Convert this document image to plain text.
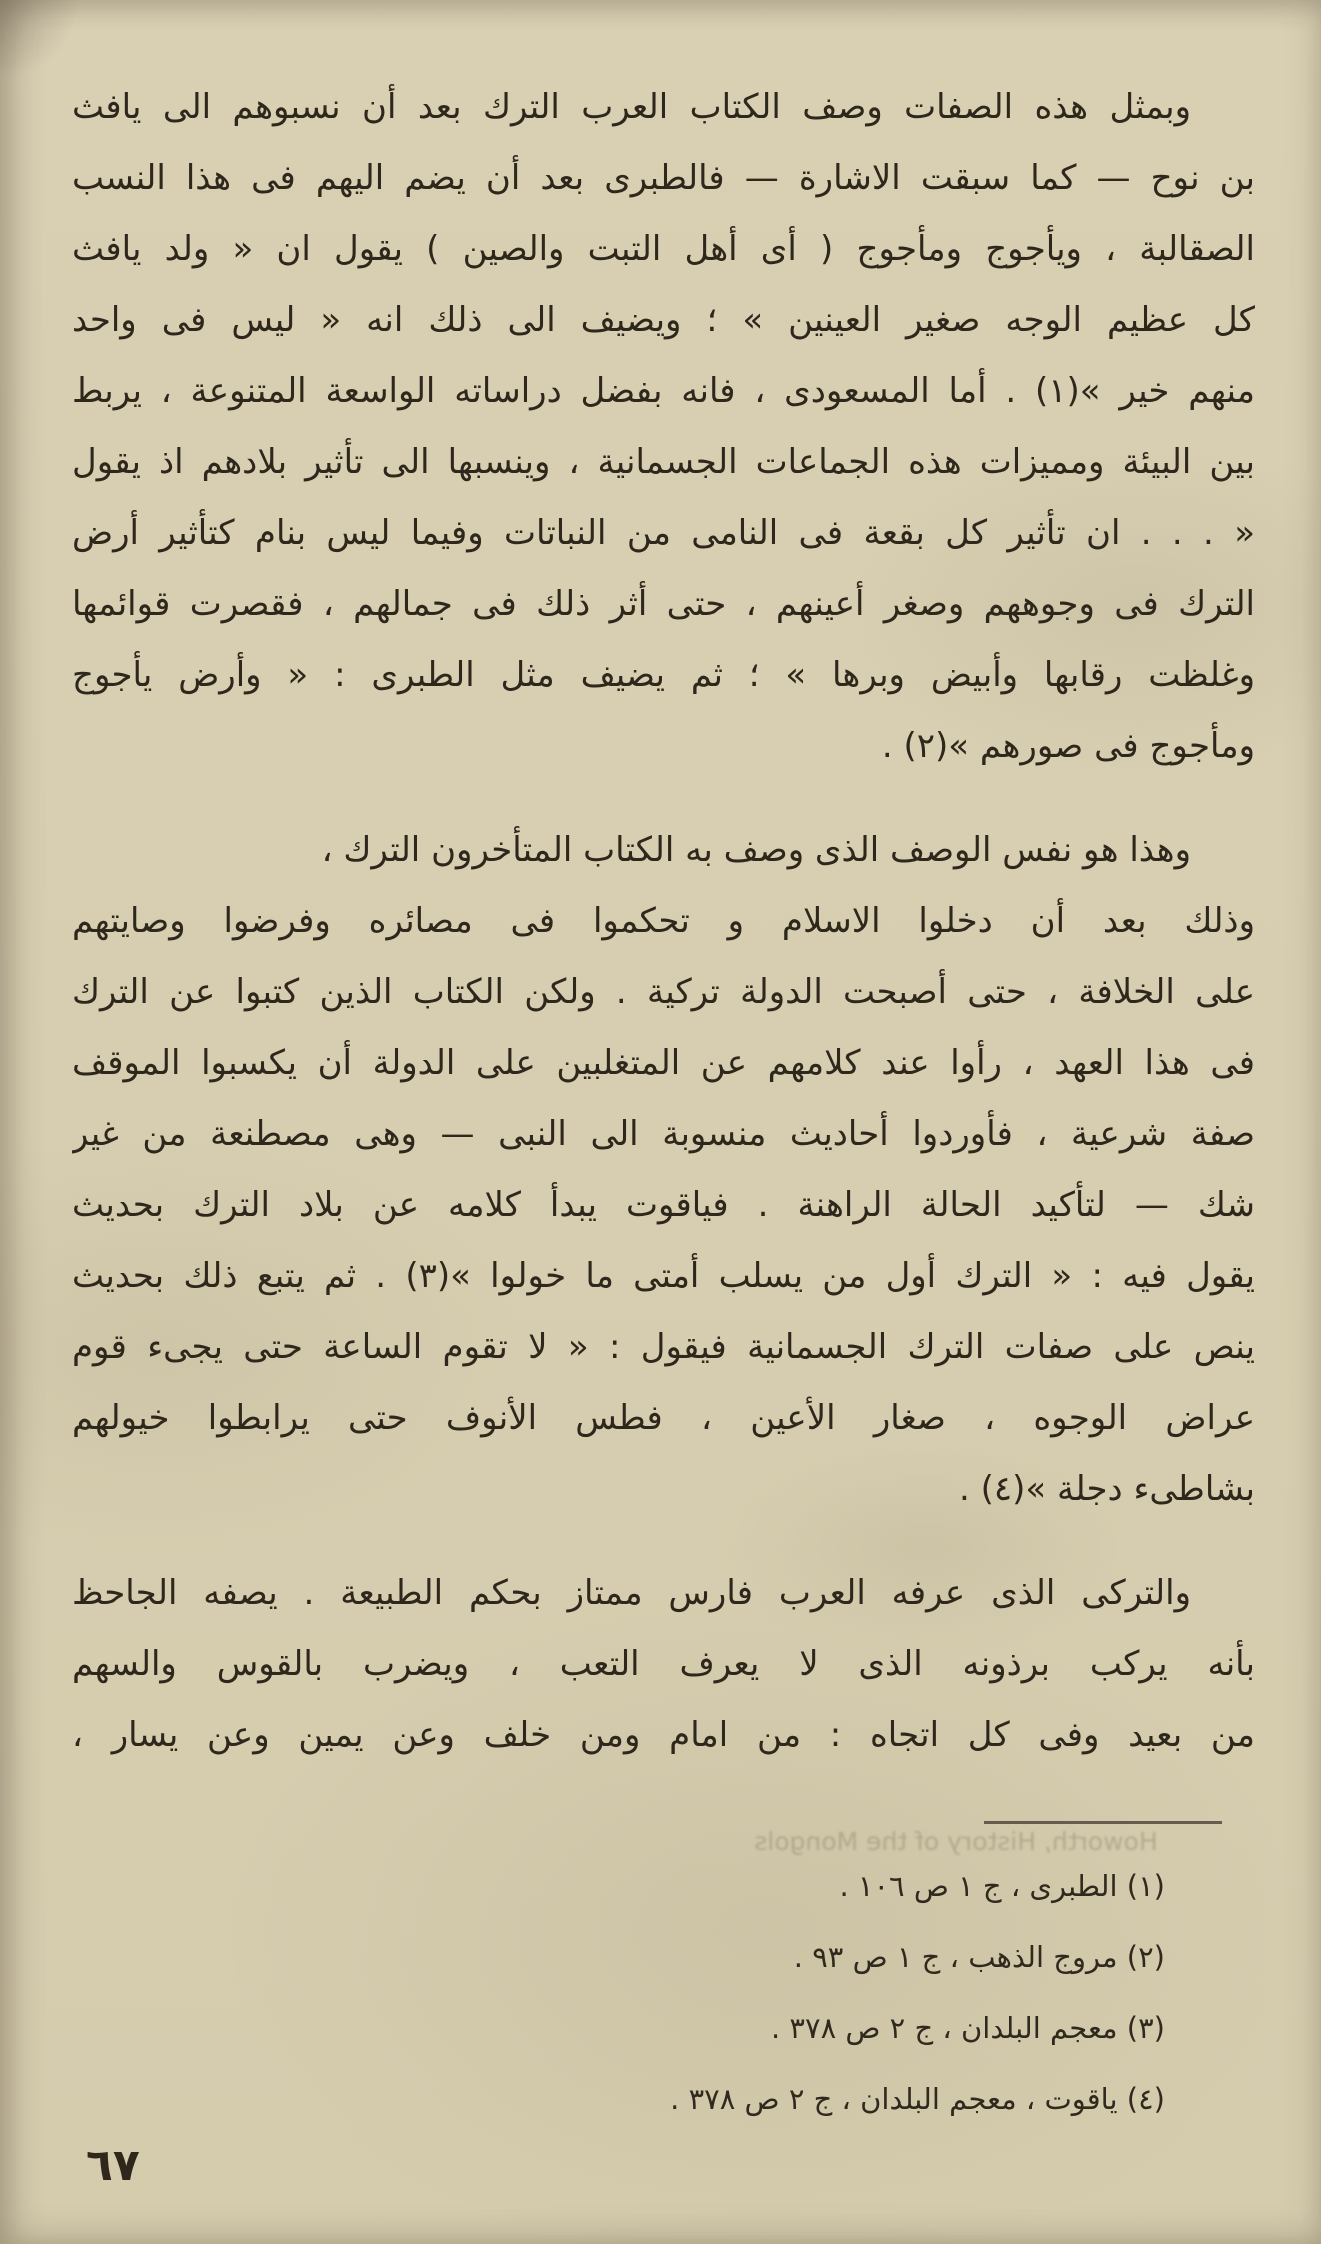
وبمثل هذه الصفات وصف الكتاب العرب الترك بعد أن نسبوهم الى يافث
بن نوح — كما سبقت الاشارة — فالطبرى بعد أن يضم اليهم فى هذا النسب
الصقالبة ، ويأجوج ومأجوج ( أى أهل التبت والصين ) يقول ان « ولد يافث
كل عظيم الوجه صغير العينين » ؛ ويضيف الى ذلك انه « ليس فى واحد
منهم خير »(١) . أما المسعودى ، فانه بفضل دراساته الواسعة المتنوعة ، يربط
بين البيئة ومميزات هذه الجماعات الجسمانية ، وينسبها الى تأثير بلادهم اذ يقول
« . . . ان تأثير كل بقعة فى النامى من النباتات وفيما ليس بنام كتأثير أرض
الترك فى وجوههم وصغر أعينهم ، حتى أثر ذلك فى جمالهم ، فقصرت قوائمها
وغلظت رقابها وأبيض وبرها » ؛ ثم يضيف مثل الطبرى : « وأرض يأجوج
ومأجوج فى صورهم »(٢) .
وهذا هو نفس الوصف الذى وصف به الكتاب المتأخرون الترك ،
وذلك بعد أن دخلوا الاسلام و تحكموا فى مصائره وفرضوا وصايتهم
على الخلافة ، حتى أصبحت الدولة تركية . ولكن الكتاب الذين كتبوا عن الترك
فى هذا العهد ، رأوا عند كلامهم عن المتغلبين على الدولة أن يكسبوا الموقف
صفة شرعية ، فأوردوا أحاديث منسوبة الى النبى — وهى مصطنعة من غير
شك — لتأكيد الحالة الراهنة . فياقوت يبدأ كلامه عن بلاد الترك بحديث
يقول فيه : « الترك أول من يسلب أمتى ما خولوا »(٣) . ثم يتبع ذلك بحديث
ينص على صفات الترك الجسمانية فيقول : « لا تقوم الساعة حتى يجىء قوم
عراض الوجوه ، صغار الأعين ، فطس الأنوف حتى يرابطوا خيولهم
بشاطىء دجلة »(٤) .
والتركى الذى عرفه العرب فارس ممتاز بحكم الطبيعة . يصفه الجاحظ
بأنه يركب برذونه الذى لا يعرف التعب ، ويضرب بالقوس والسهم
من بعيد وفى كل اتجاه : من امام ومن خلف وعن يمين وعن يسار ،
Howorth, History of the Mongols
(١) الطبرى ، ج ١ ص ١٠٦ .
(٢) مروج الذهب ، ج ١ ص ٩٣ .
(٣) معجم البلدان ، ج ٢ ص ٣٧٨ .
(٤) ياقوت ، معجم البلدان ، ج ٢ ص ٣٧٨ .
٦٧
